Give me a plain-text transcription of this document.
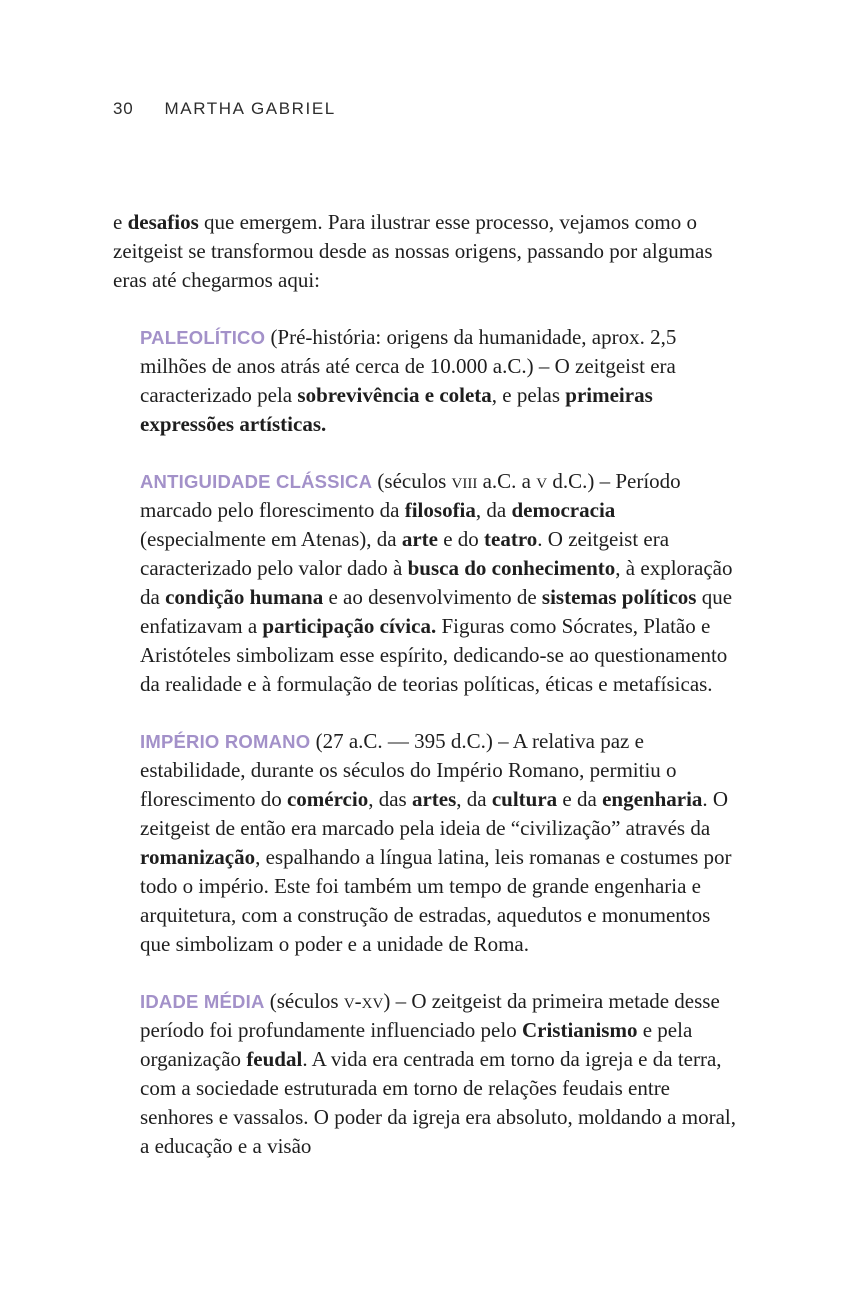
30 MARTHA GABRIEL

e desafios que emergem. Para ilustrar esse processo, vejamos como o zeitgeist se transformou desde as nossas origens, passando por algumas eras até chegarmos aqui:

PALEOLÍTICO (Pré-história: origens da humanidade, aprox. 2,5 milhões de anos atrás até cerca de 10.000 a.C.) – O zeitgeist era caracterizado pela sobrevivência e coleta, e pelas primeiras expressões artísticas.

ANTIGUIDADE CLÁSSICA (séculos viii a.C. a v d.C.) – Período marcado pelo florescimento da filosofia, da democracia (especialmente em Atenas), da arte e do teatro. O zeitgeist era caracterizado pelo valor dado à busca do conhecimento, à exploração da condição humana e ao desenvolvimento de sistemas políticos que enfatizavam a participação cívica. Figuras como Sócrates, Platão e Aristóteles simbolizam esse espírito, dedicando-se ao questionamento da realidade e à formulação de teorias políticas, éticas e metafísicas.

IMPÉRIO ROMANO (27 a.C. — 395 d.C.) – A relativa paz e estabilidade, durante os séculos do Império Romano, permitiu o florescimento do comércio, das artes, da cultura e da engenharia. O zeitgeist de então era marcado pela ideia de “civilização” através da romanização, espalhando a língua latina, leis romanas e costumes por todo o império. Este foi também um tempo de grande engenharia e arquitetura, com a construção de estradas, aquedutos e monumentos que simbolizam o poder e a unidade de Roma.

IDADE MÉDIA (séculos v-xv) – O zeitgeist da primeira metade desse período foi profundamente influenciado pelo Cristianismo e pela organização feudal. A vida era centrada em torno da igreja e da terra, com a sociedade estruturada em torno de relações feudais entre senhores e vassalos. O poder da igreja era absoluto, moldando a moral, a educação e a visão
